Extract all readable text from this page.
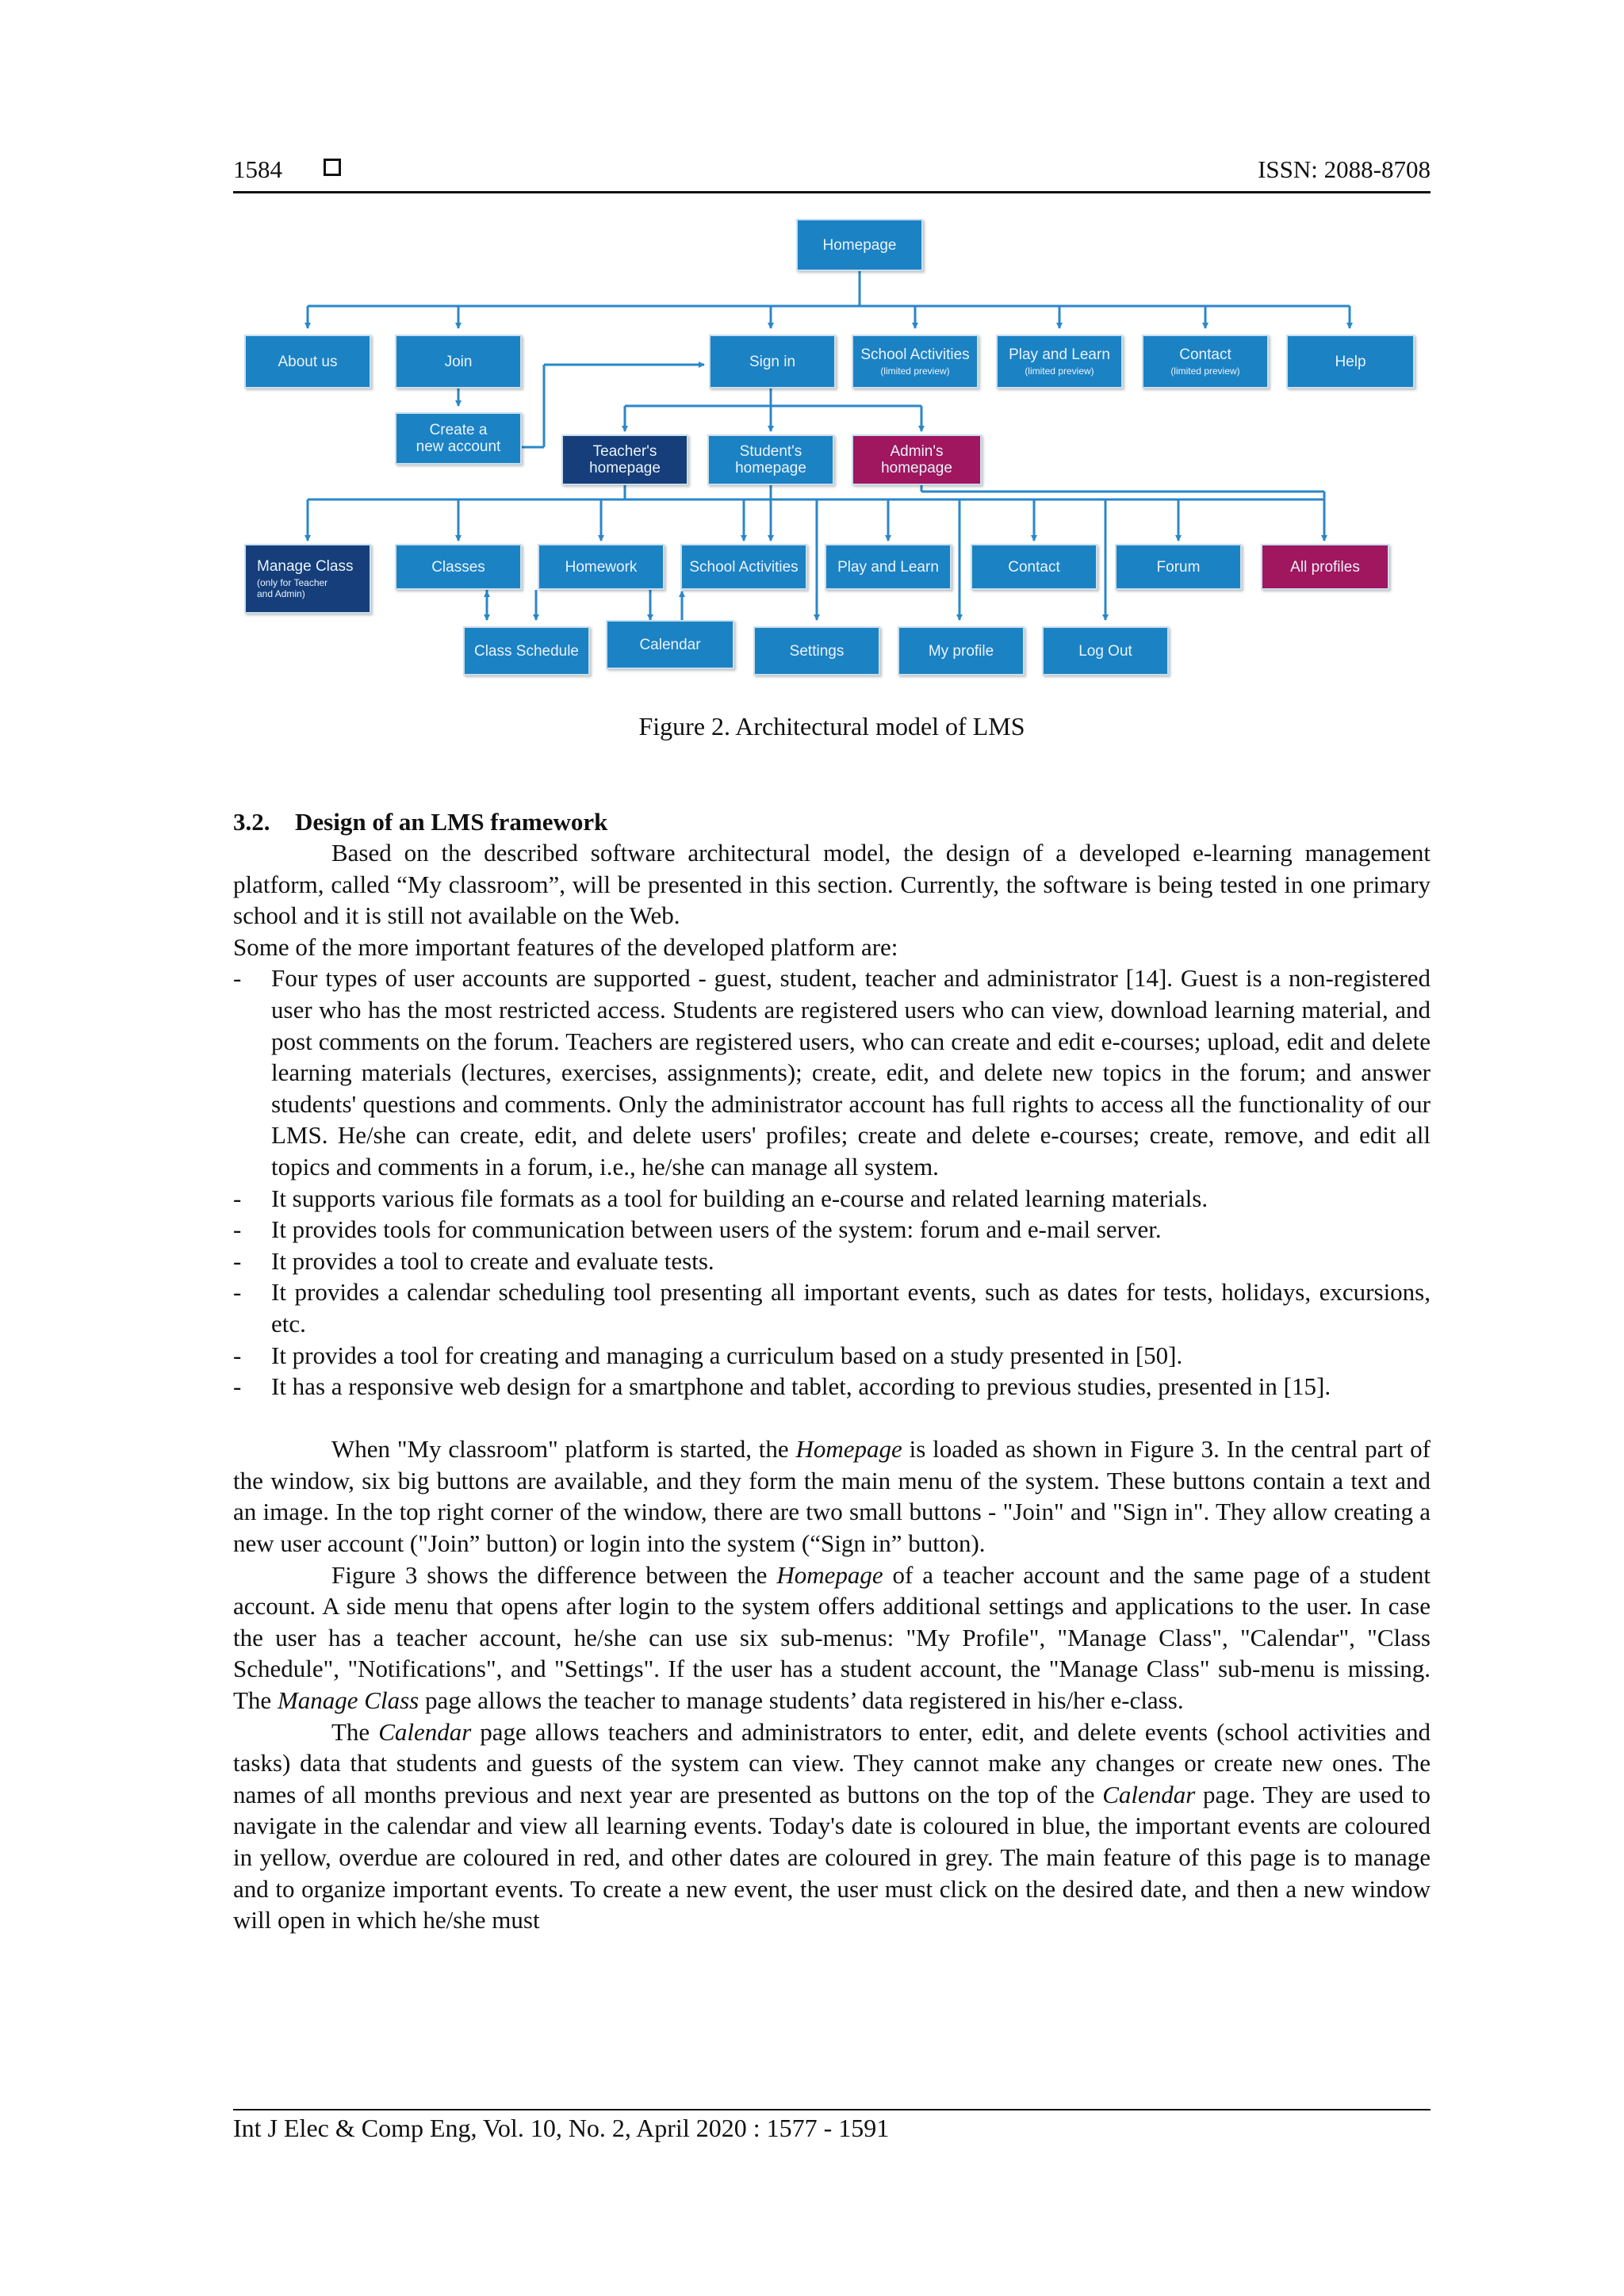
1584	ISSN: 2088-8708
Homepage
About us	Join	Sign in	School Activities
(limited preview)
Play and Learn
(limited preview)
Contact
(limited preview)
Help
Create a new account	Teacher's homepage
Student's homepage
Admin's homepage
Manage Class
(only for Teacher and Admin)
Classes	Homework	School Activities	Play and Learn	Contact	Forum	All profiles
Class Schedule	Calendar	Settings	My profile	Log Out
Figure 2. Architectural model of LMS
3.2. Design of an LMS framework

Based on the described software architectural model, the design of a developed e-learning management platform, called “My classroom”, will be presented in this section. Currently, the software is being tested in one primary school and it is still not available on the Web.

Some of the more important features of the developed platform are:

- Four types of user accounts are supported - guest, student, teacher and administrator [14]. Guest is a non-registered user who has the most restricted access. Students are registered users who can view, download learning material, and post comments on the forum. Teachers are registered users, who can create and edit e-courses; upload, edit and delete learning materials (lectures, exercises, assignments); create, edit, and delete new topics in the forum; and answer students' questions and comments. Only the administrator account has full rights to access all the functionality of our LMS. He/she can create, edit, and delete users' profiles; create and delete e-courses; create, remove, and edit all topics and comments in a forum, i.e., he/she can manage all system.
- It supports various file formats as a tool for building an e-course and related learning materials.
- It provides tools for communication between users of the system: forum and e-mail server.
- It provides a tool to create and evaluate tests.
- It provides a calendar scheduling tool presenting all important events, such as dates for tests, holidays, excursions, etc.
- It provides a tool for creating and managing a curriculum based on a study presented in [50].
- It has a responsive web design for a smartphone and tablet, according to previous studies, presented in [15].

When "My classroom" platform is started, the Homepage is loaded as shown in Figure 3. In the central part of the window, six big buttons are available, and they form the main menu of the system. These buttons contain a text and an image. In the top right corner of the window, there are two small buttons - "Join" and "Sign in". They allow creating a new user account ("Join” button) or login into the system (“Sign in” button).

Figure 3 shows the difference between the Homepage of a teacher account and the same page of a student account. A side menu that opens after login to the system offers additional settings and applications to the user. In case the user has a teacher account, he/she can use six sub-menus: "My Profile", "Manage Class", "Calendar", "Class Schedule", "Notifications", and "Settings". If the user has a student account, the "Manage Class" sub-menu is missing. The Manage Class page allows the teacher to manage students’ data registered in his/her e-class.

The Calendar page allows teachers and administrators to enter, edit, and delete events (school activities and tasks) data that students and guests of the system can view. They cannot make any changes or create new ones. The names of all months previous and next year are presented as buttons on the top of the Calendar page. They are used to navigate in the calendar and view all learning events. Today's date is coloured in blue, the important events are coloured in yellow, overdue are coloured in red, and other dates are coloured in grey. The main feature of this page is to manage and to organize important events. To create a new event, the user must click on the desired date, and then a new window will open in which he/she must

Int J Elec & Comp Eng, Vol. 10, No. 2, April 2020 : 1577 - 1591
